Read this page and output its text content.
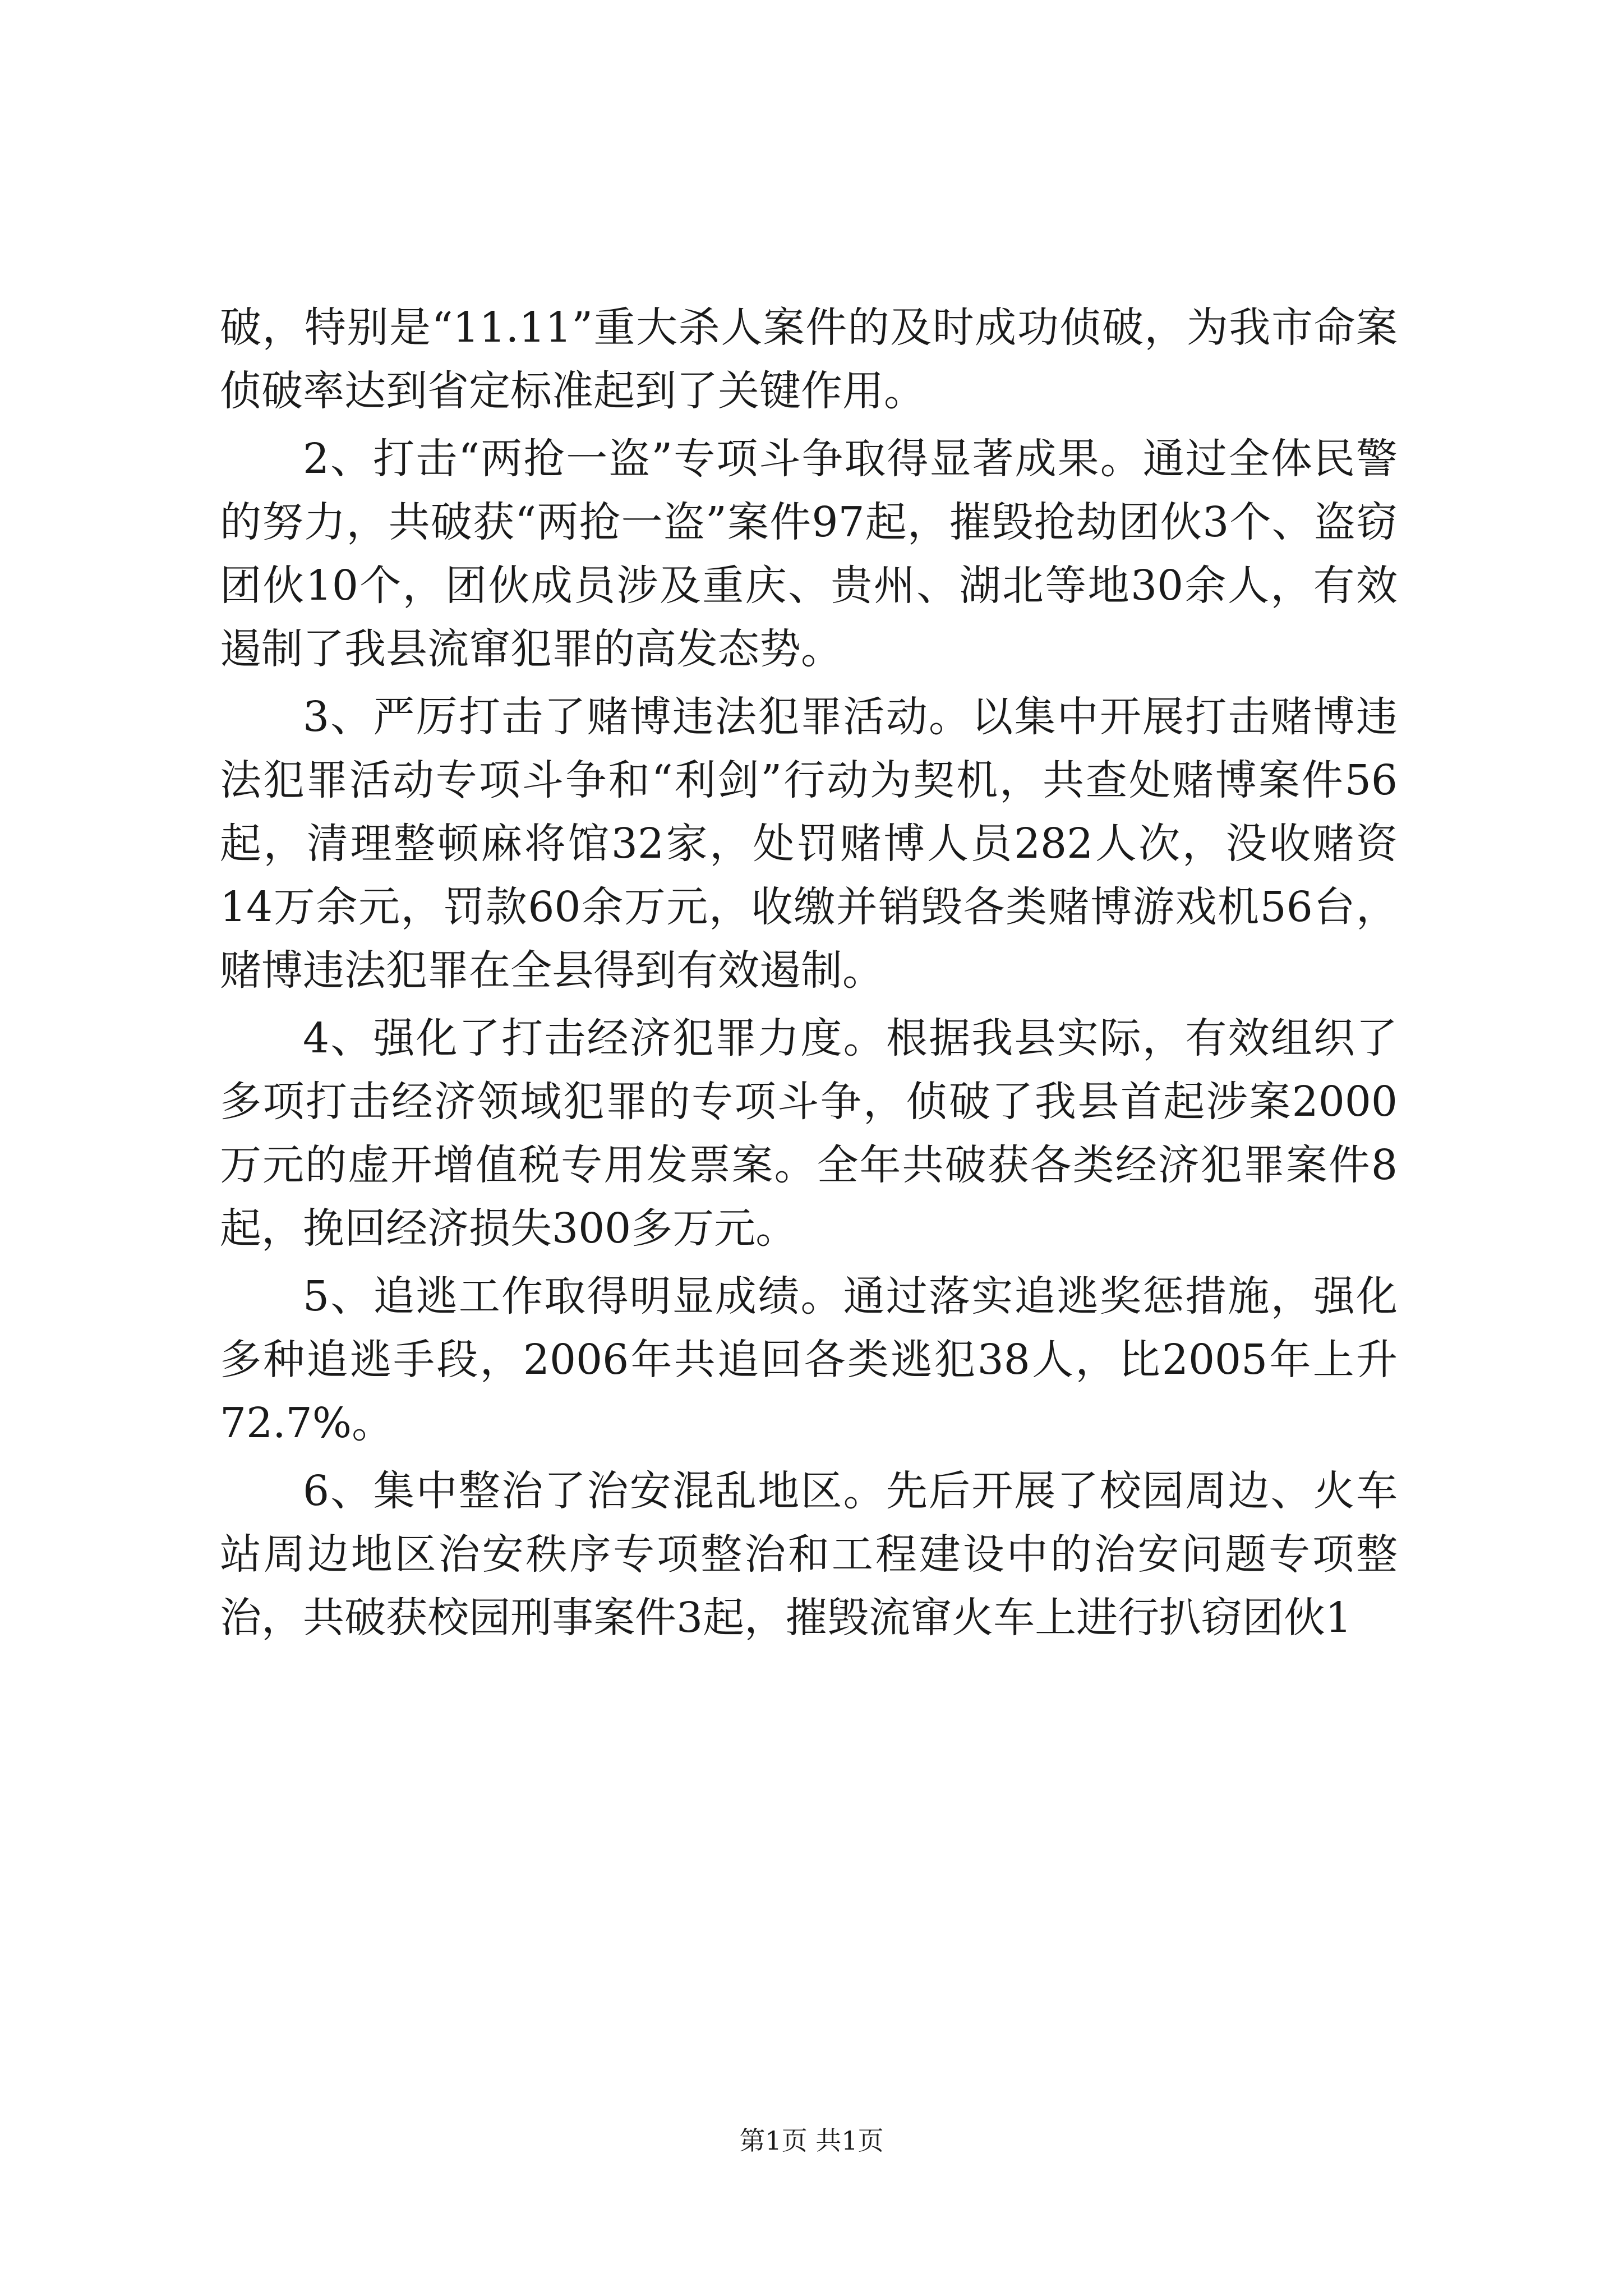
破，特别是“11.11”重大杀人案件的及时成功侦破，为我市命案侦破率达到省定标准起到了关键作用。

2、打击“两抢一盗”专项斗争取得显著成果。通过全体民警的努力，共破获“两抢一盗”案件97起，摧毁抢劫团伙3个、盗窃团伙10个，团伙成员涉及重庆、贵州、湖北等地30余人，有效遏制了我县流窜犯罪的高发态势。

3、严厉打击了赌博违法犯罪活动。以集中开展打击赌博违法犯罪活动专项斗争和“利剑”行动为契机，共查处赌博案件56起，清理整顿麻将馆32家，处罚赌博人员282人次，没收赌资14万余元，罚款60余万元，收缴并销毁各类赌博游戏机56台，赌博违法犯罪在全县得到有效遏制。

4、强化了打击经济犯罪力度。根据我县实际，有效组织了多项打击经济领域犯罪的专项斗争，侦破了我县首起涉案2000万元的虚开增值税专用发票案。全年共破获各类经济犯罪案件8起，挽回经济损失300多万元。

5、追逃工作取得明显成绩。通过落实追逃奖惩措施，强化多种追逃手段，2006年共追回各类逃犯38人，比2005年上升72.7%。

6、集中整治了治安混乱地区。先后开展了校园周边、火车站周边地区治安秩序专项整治和工程建设中的治安问题专项整治，共破获校园刑事案件3起，摧毁流窜火车上进行扒窃团伙1

第1页 共1页
